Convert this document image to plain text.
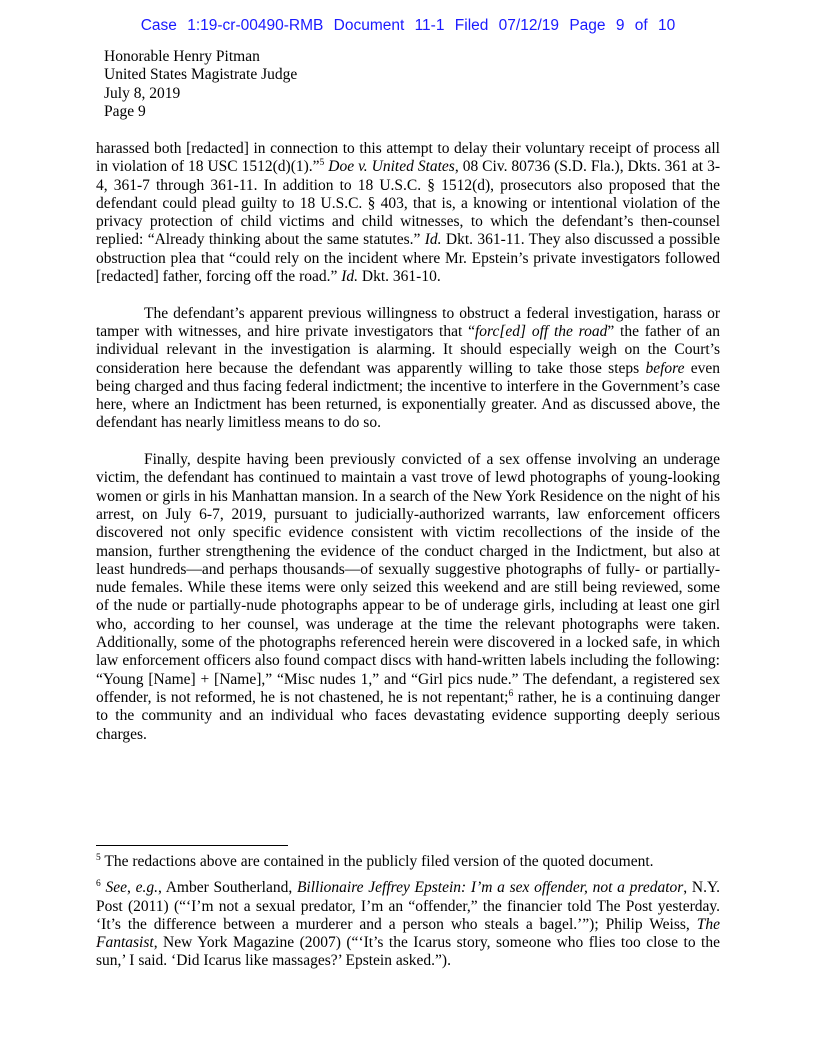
Case 1:19-cr-00490-RMB Document 11-1 Filed 07/12/19 Page 9 of 10
Honorable Henry Pitman
United States Magistrate Judge
July 8, 2019
Page 9

harassed both [redacted] in connection to this attempt to delay their voluntary receipt of process all in violation of 18 USC 1512(d)(1).”$^5$ Doe v. United States, 08 Civ. 80736 (S.D. Fla.), Dkts. 361 at 3-4, 361-7 through 361-11. In addition to 18 U.S.C. § 1512(d), prosecutors also proposed that the defendant could plead guilty to 18 U.S.C. § 403, that is, a knowing or intentional violation of the privacy protection of child victims and child witnesses, to which the defendant’s then-counsel replied: “Already thinking about the same statutes.” Id. Dkt. 361-11. They also discussed a possible obstruction plea that “could rely on the incident where Mr. Epstein’s private investigators followed [redacted] father, forcing off the road.” Id. Dkt. 361-10.

The defendant’s apparent previous willingness to obstruct a federal investigation, harass or tamper with witnesses, and hire private investigators that “forc[ed] off the road” the father of an individual relevant in the investigation is alarming. It should especially weigh on the Court’s consideration here because the defendant was apparently willing to take those steps before even being charged and thus facing federal indictment; the incentive to interfere in the Government’s case here, where an Indictment has been returned, is exponentially greater. And as discussed above, the defendant has nearly limitless means to do so.

Finally, despite having been previously convicted of a sex offense involving an underage victim, the defendant has continued to maintain a vast trove of lewd photographs of young-looking women or girls in his Manhattan mansion. In a search of the New York Residence on the night of his arrest, on July 6-7, 2019, pursuant to judicially-authorized warrants, law enforcement officers discovered not only specific evidence consistent with victim recollections of the inside of the mansion, further strengthening the evidence of the conduct charged in the Indictment, but also at least hundreds—and perhaps thousands—of sexually suggestive photographs of fully- or partially-nude females. While these items were only seized this weekend and are still being reviewed, some of the nude or partially-nude photographs appear to be of underage girls, including at least one girl who, according to her counsel, was underage at the time the relevant photographs were taken. Additionally, some of the photographs referenced herein were discovered in a locked safe, in which law enforcement officers also found compact discs with hand-written labels including the following: “Young [Name] + [Name],” “Misc nudes 1,” and “Girl pics nude.” The defendant, a registered sex offender, is not reformed, he is not chastened, he is not repentant;$^6$ rather, he is a continuing danger to the community and an individual who faces devastating evidence supporting deeply serious charges.

$^5$ The redactions above are contained in the publicly filed version of the quoted document.

$^6$ See, e.g., Amber Southerland, Billionaire Jeffrey Epstein: I’m a sex offender, not a predator, N.Y. Post (2011) (“‘I’m not a sexual predator, I’m an “offender,” the financier told The Post yesterday. ‘It’s the difference between a murderer and a person who steals a bagel.’”); Philip Weiss, The Fantasist, New York Magazine (2007) (“‘It’s the Icarus story, someone who flies too close to the sun,’ I said. ‘Did Icarus like massages?’ Epstein asked.”).
